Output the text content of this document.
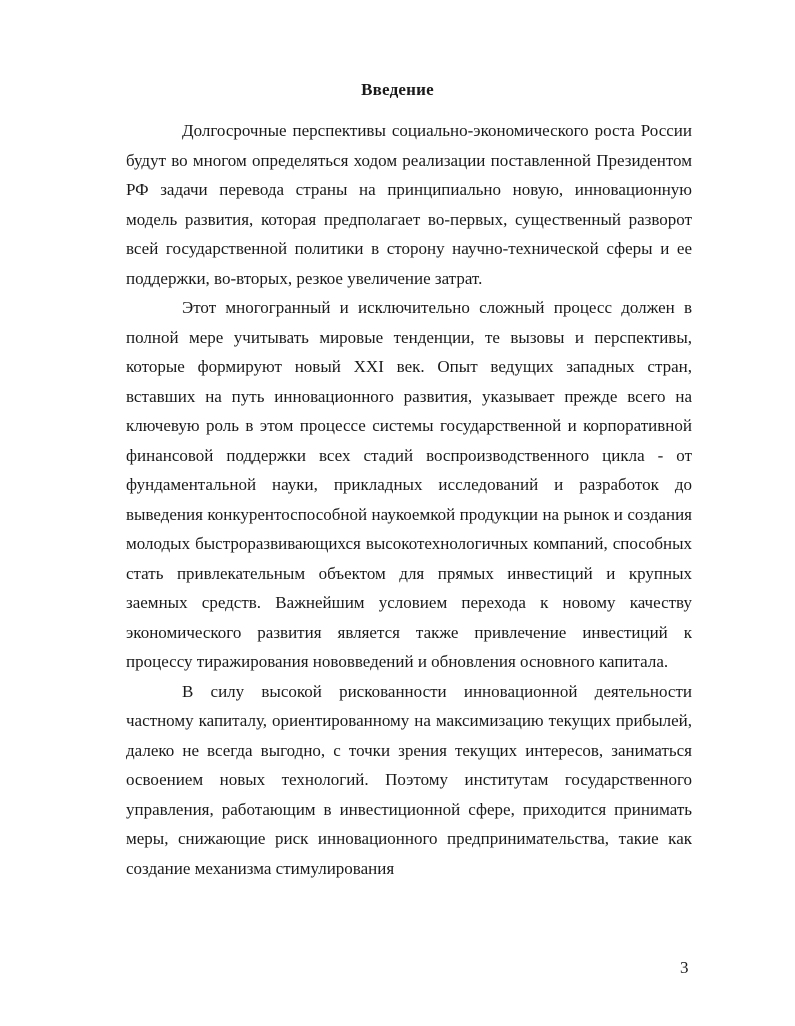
Введение

Долгосрочные перспективы социально-экономического роста России будут во многом определяться ходом реализации поставленной Президентом РФ задачи перевода страны на принципиально новую, инновационную модель развития, которая предполагает во-первых, существенный разворот всей государственной политики в сторону научно-технической сферы и ее поддержки, во-вторых, резкое увеличение затрат.

Этот многогранный и исключительно сложный процесс должен в полной мере учитывать мировые тенденции, те вызовы и перспективы, которые формируют новый XXI век. Опыт ведущих западных стран, вставших на путь инновационного развития, указывает прежде всего на ключевую роль в этом процессе системы государственной и корпоративной финансовой поддержки всех стадий воспроизводственного цикла - от фундаментальной науки, прикладных исследований и разработок до выведения конкурентоспособной наукоемкой продукции на рынок и создания молодых быстроразвивающихся высокотехнологичных компаний, способных стать привлекательным объектом для прямых инвестиций и крупных заемных средств. Важнейшим условием перехода к новому качеству экономического развития является также привлечение инвестиций к процессу тиражирования нововведений и обновления основного капитала.

В силу высокой рискованности инновационной деятельности частному капиталу, ориентированному на максимизацию текущих прибылей, далеко не всегда выгодно, с точки зрения текущих интересов, заниматься освоением новых технологий. Поэтому институтам государственного управления, работающим в инвестиционной сфере, приходится принимать меры, снижающие риск инновационного предпринимательства, такие как создание механизма стимулирования

3
